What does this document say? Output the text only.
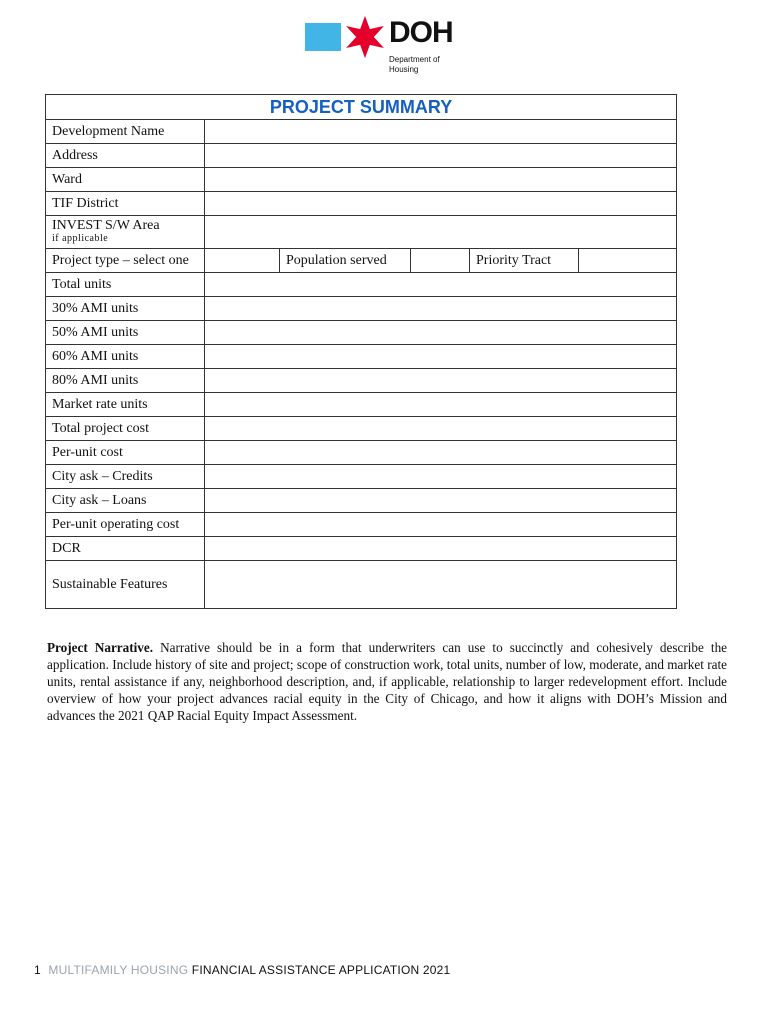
DOH
Department of
Housing
PROJECT SUMMARY					
Development Name					
Address					
Ward					
TIF District					
INVEST S/W Area
if applicable					

Project type – select one		Population served		Priority Tract	
Total units					
30% AMI units					
50% AMI units					
60% AMI units					
80% AMI units					
Market rate units					
Total project cost					
Per-unit cost					
City ask – Credits					
City ask – Loans					
Per-unit operating cost					
DCR					
Sustainable Features					

Project Narrative. Narrative should be in a form that underwriters can use to succinctly and cohesively describe the application. Include history of site and project; scope of construction work, total units, number of low, moderate, and market rate units, rental assistance if any, neighborhood description, and, if applicable, relationship to larger redevelopment effort. Include overview of how your project advances racial equity in the City of Chicago, and how it aligns with DOH’s Mission and advances the 2021 QAP Racial Equity Impact Assessment.

1 MULTIFAMILY HOUSING FINANCIAL ASSISTANCE APPLICATION 2021
